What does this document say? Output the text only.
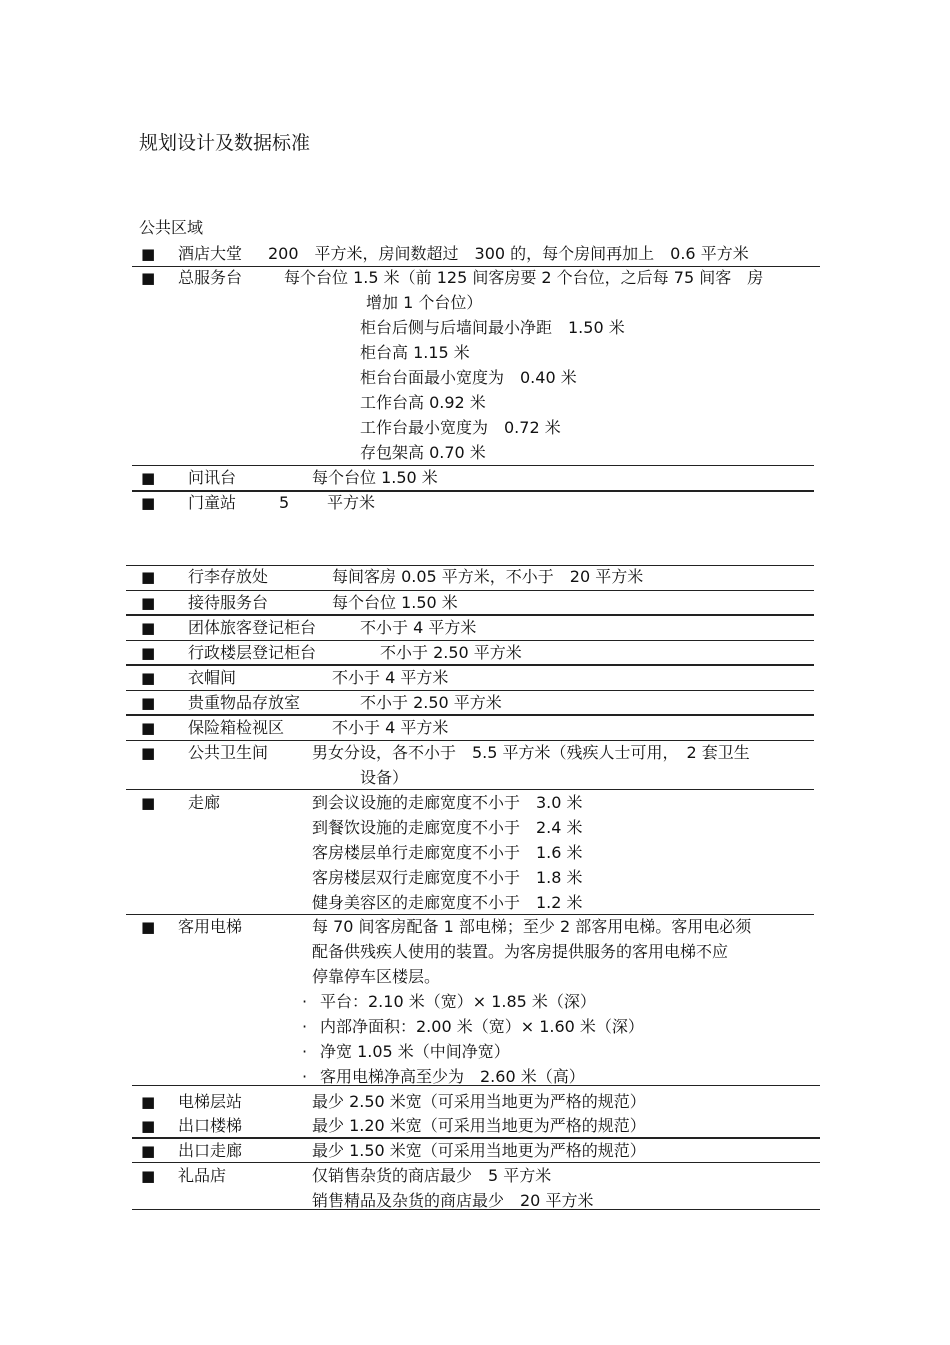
规划设计及数据标准
公共区域
■ 酒店大堂 200　平方米，房间数超过　300 的，每个房间再加上　0.6 平方米
■ 总服务台	每个台位 1.5 米（前 125 间客房要 2 个台位，之后每 75 间客　房
增加 1 个台位）
柜台后侧与后墙间最小净距　1.50 米
柜台高 1.15 米
柜台台面最小宽度为　0.40 米
工作台高 0.92 米
工作台最小宽度为　0.72 米
存包架高 0.70 米
■ 问讯台	每个台位 1.50 米
■ 门童站	5 平方米
■ 行李存放处	每间客房 0.05 平方米，不小于　20 平方米
■ 接待服务台	每个台位 1.50 米
■ 团体旅客登记柜台	不小于 4 平方米
■ 行政楼层登记柜台	不小于 2.50 平方米
■ 衣帽间	不小于 4 平方米
■ 贵重物品存放室	不小于 2.50 平方米
■ 保险箱检视区	不小于 4 平方米
■ 公共卫生间	男女分设，各不小于　5.5 平方米（残疾人士可用，　2 套卫生
设备）
■ 走廊	到会议设施的走廊宽度不小于　3.0 米
到餐饮设施的走廊宽度不小于　2.4 米
客房楼层单行走廊宽度不小于　1.6 米
客房楼层双行走廊宽度不小于　1.8 米
健身美容区的走廊宽度不小于　1.2 米
■ 客用电梯	每 70 间客房配备 1 部电梯；至少 2 部客用电梯。客用电必须
配备供残疾人使用的装置。为客房提供服务的客用电梯不应
停靠停车区楼层。
· 平台：2.10 米（宽）× 1.85 米（深）
· 内部净面积：2.00 米（宽）× 1.60 米（深）
· 净宽 1.05 米（中间净宽）
· 客用电梯净高至少为　2.60 米（高）
■ 电梯层站	最少 2.50 米宽（可采用当地更为严格的规范）
■ 出口楼梯	最少 1.20 米宽（可采用当地更为严格的规范）
■ 出口走廊	最少 1.50 米宽（可采用当地更为严格的规范）
■ 礼品店	仅销售杂货的商店最少　5 平方米
销售精品及杂货的商店最少　20 平方米
